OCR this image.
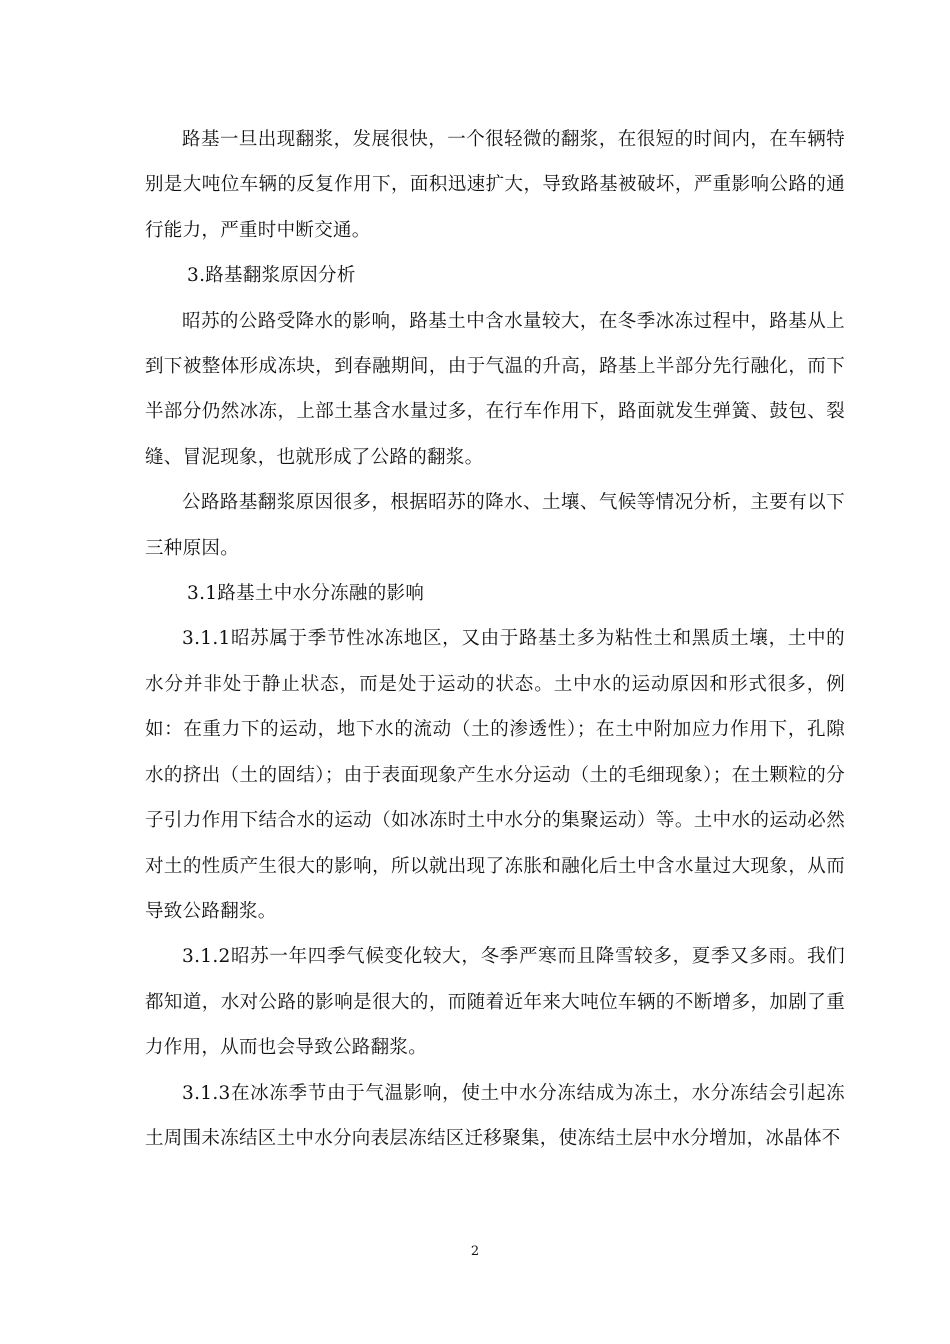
路基一旦出现翻浆，发展很快，一个很轻微的翻浆，在很短的时间内，在车辆特别是大吨位车辆的反复作用下，面积迅速扩大，导致路基被破坏，严重影响公路的通行能力，严重时中断交通。

3.路基翻浆原因分析

昭苏的公路受降水的影响，路基土中含水量较大，在冬季冰冻过程中，路基从上到下被整体形成冻块，到春融期间，由于气温的升高，路基上半部分先行融化，而下半部分仍然冰冻，上部土基含水量过多，在行车作用下，路面就发生弹簧、鼓包、裂缝、冒泥现象，也就形成了公路的翻浆。

公路路基翻浆原因很多，根据昭苏的降水、土壤、气候等情况分析，主要有以下三种原因。

3.1路基土中水分冻融的影响

3.1.1昭苏属于季节性冰冻地区，又由于路基土多为粘性土和黑质土壤，土中的水分并非处于静止状态，而是处于运动的状态。土中水的运动原因和形式很多，例如：在重力下的运动，地下水的流动（土的渗透性）；在土中附加应力作用下，孔隙水的挤出（土的固结）；由于表面现象产生水分运动（土的毛细现象）；在土颗粒的分子引力作用下结合水的运动（如冰冻时土中水分的集聚运动）等。土中水的运动必然对土的性质产生很大的影响，所以就出现了冻胀和融化后土中含水量过大现象，从而导致公路翻浆。

3.1.2昭苏一年四季气候变化较大，冬季严寒而且降雪较多，夏季又多雨。我们都知道，水对公路的影响是很大的，而随着近年来大吨位车辆的不断增多，加剧了重力作用，从而也会导致公路翻浆。

3.1.3在冰冻季节由于气温影响，使土中水分冻结成为冻土，水分冻结会引起冻土周围未冻结区土中水分向表层冻结区迁移聚集，使冻结土层中水分增加，冰晶体不

2
